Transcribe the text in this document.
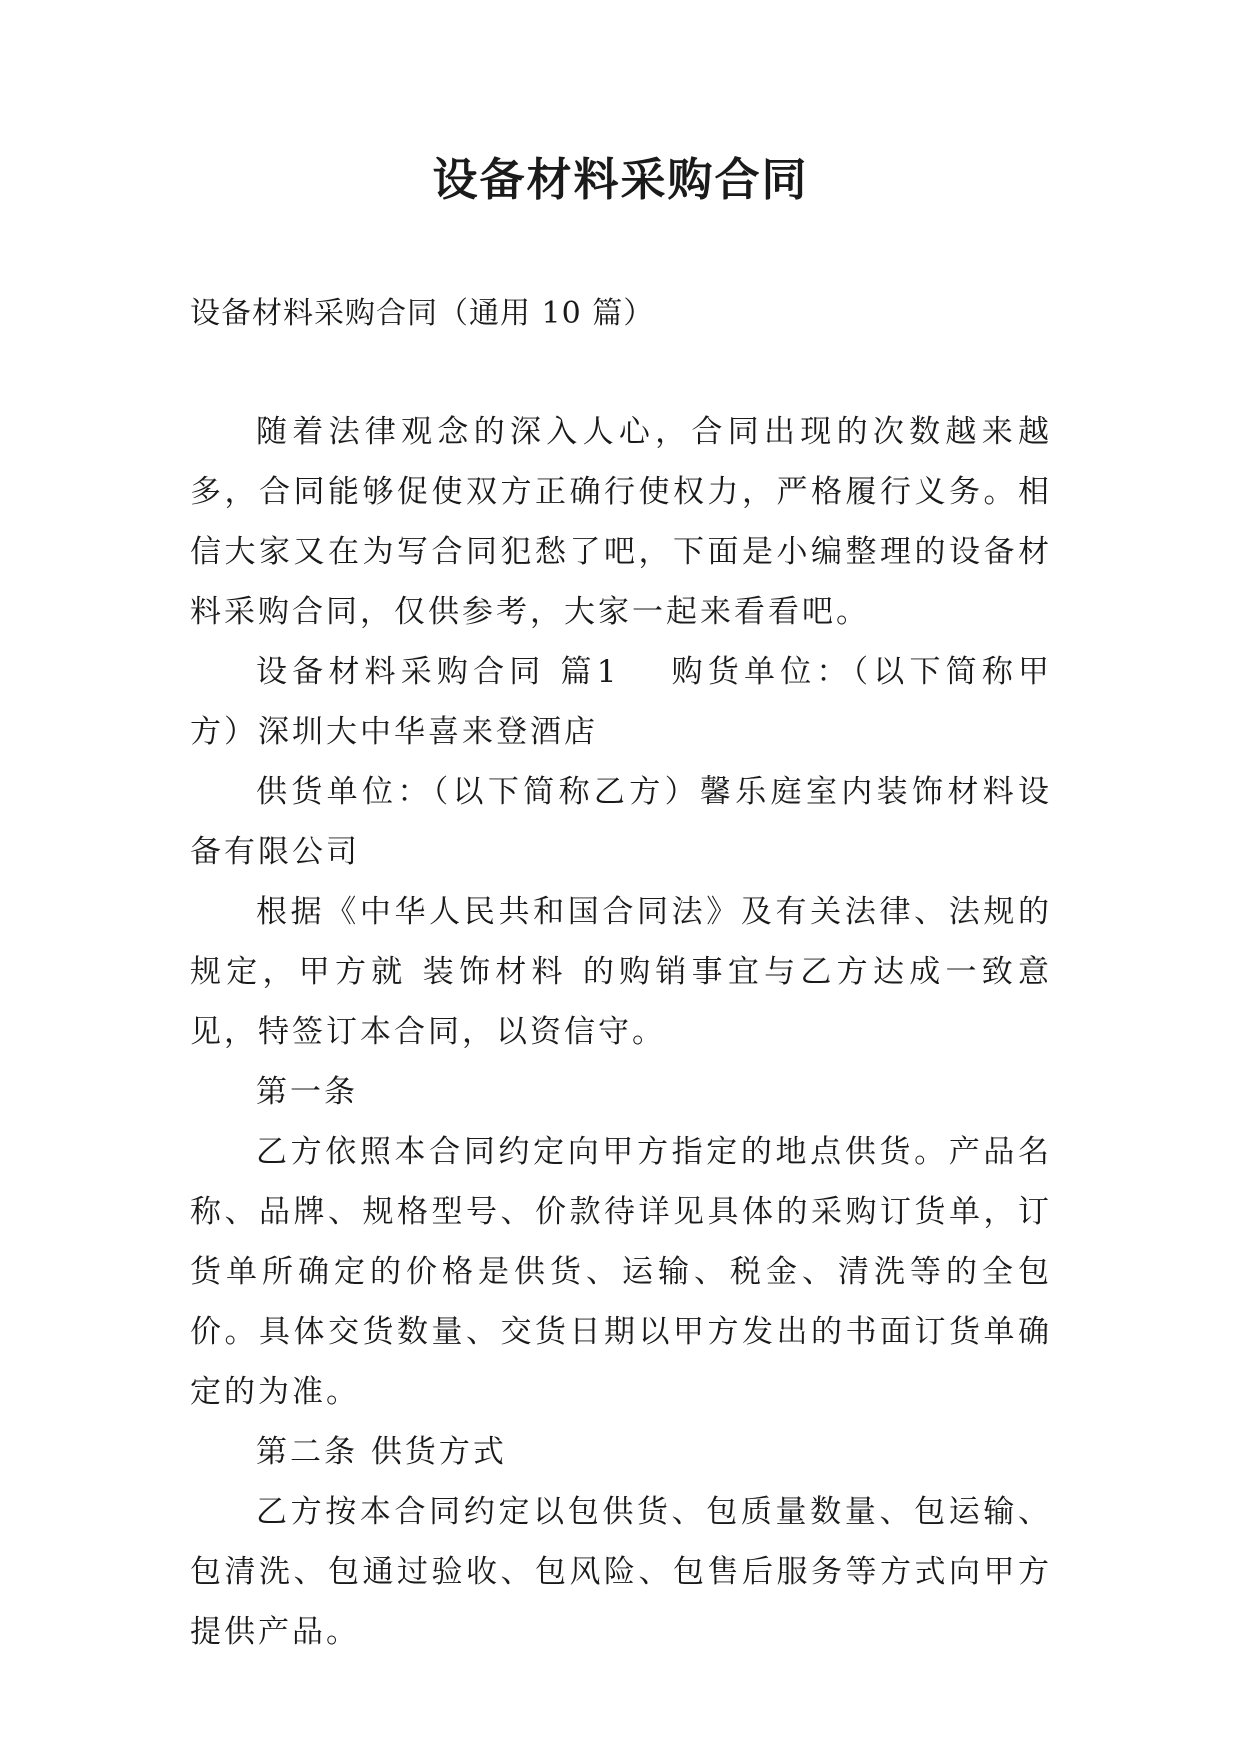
设备材料采购合同
设备材料采购合同（通用 10 篇）

随着法律观念的深入人心，合同出现的次数越来越多，合同能够促使双方正确行使权力，严格履行义务。相信大家又在为写合同犯愁了吧，下面是小编整理的设备材料采购合同，仅供参考，大家一起来看看吧。

设备材料采购合同 篇1 购货单位：（以下简称甲方）深圳大中华喜来登酒店

供货单位：（以下简称乙方）馨乐庭室内装饰材料设备有限公司

根据《中华人民共和国合同法》及有关法律、法规的规定，甲方就 装饰材料 的购销事宜与乙方达成一致意见，特签订本合同，以资信守。

第一条

乙方依照本合同约定向甲方指定的地点供货。产品名称、品牌、规格型号、价款待详见具体的采购订货单，订货单所确定的价格是供货、运输、税金、清洗等的全包价。具体交货数量、交货日期以甲方发出的书面订货单确定的为准。

第二条 供货方式

乙方按本合同约定以包供货、包质量数量、包运输、包清洗、包通过验收、包风险、包售后服务等方式向甲方提供产品。
